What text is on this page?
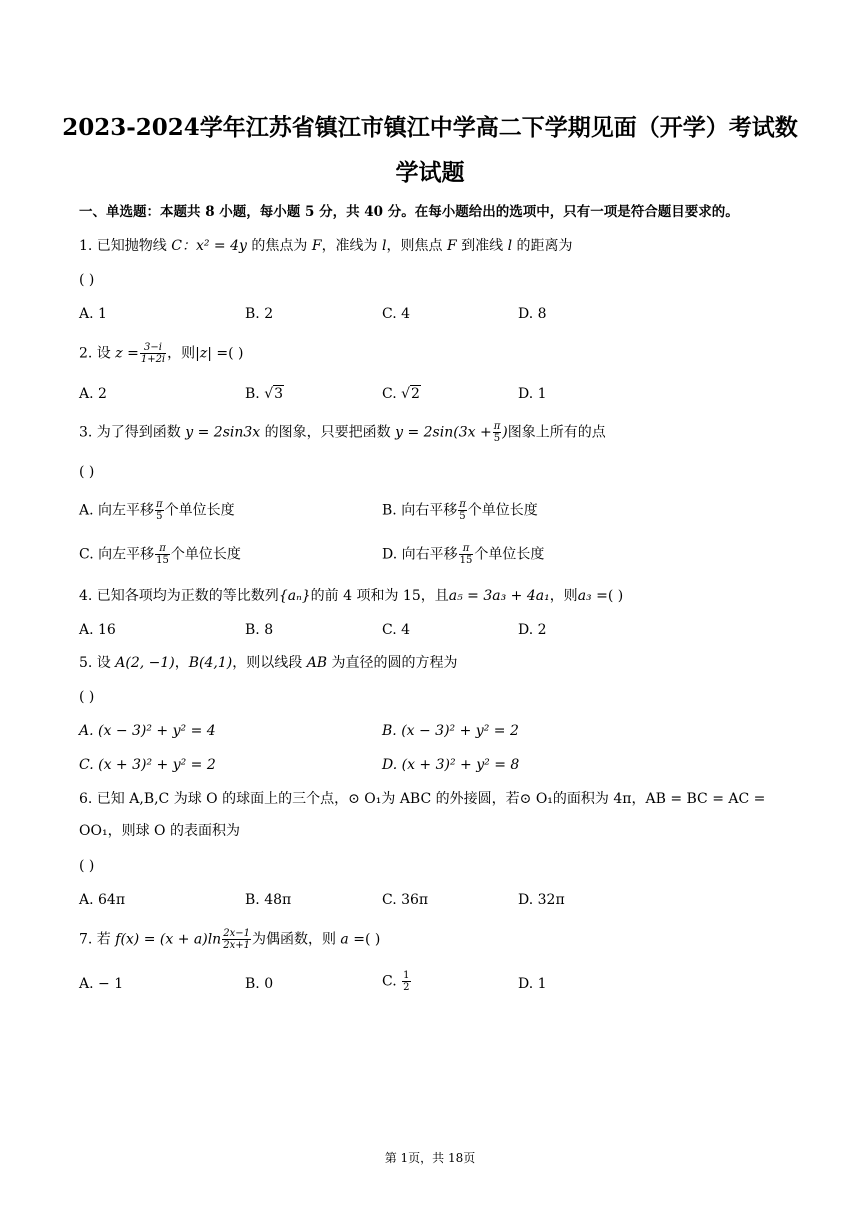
2023-2024学年江苏省镇江市镇江中学高二下学期见面（开学）考试数
学试题
一、单选题：本题共 8 小题，每小题 5 分，共 40 分。在每小题给出的选项中，只有一项是符合题目要求的。
1. 已知抛物线 C：x² = 4y 的焦点为 F，准线为 l，则焦点 F 到准线 l 的距离为
( )
A. 1	B. 2	C. 4	D. 8
2. 设 $z = \frac{3-i}{1+2i}$ ，则|z| =( )
A. 2	B. √3	C. √2	D. 1
3. 为了得到函数 y = 2sin3x 的图象，只要把函数 $y = 2\sin(3x + \frac{\pi}{5}$ )图象上所有的点
( )
A. 向左平移 $\frac{\pi}{5}$ 个单位长度	B. 向右平移 $\frac{\pi}{5}$ 个单位长度
C. 向左平移 $\frac{\pi}{15}$ 个单位长度	D. 向右平移 $\frac{\pi}{15}$ 个单位长度
4. 已知各项均为正数的等比数列{aₙ}的前 4 项和为 15，且a₅ = 3a₃ + 4a₁，则a₃ =( )
A. 16	B. 8	C. 4	D. 2
5. 设 A(2, −1)，B(4,1)，则以线段 AB 为直径的圆的方程为
( )
A. (x − 3)² + y² = 4	B. (x − 3)² + y² = 2
C. (x + 3)² + y² = 2	D. (x + 3)² + y² = 8
6. 已知 A,B,C 为球 O 的球面上的三个点，⊙ O₁为 ABC 的外接圆，若⊙ O₁的面积为 4π，AB = BC = AC =
OO₁，则球 O 的表面积为
( )
A. 64π	B. 48π	C. 36π	D. 32π
7. 若 $f(x) = (x + a)\ln \frac{2x-1}{2x+1}$ 为偶函数，则 a =( )
A. − 1	B. 0	C. $\frac{1}{2}$	D. 1
第 1页，共 18页
